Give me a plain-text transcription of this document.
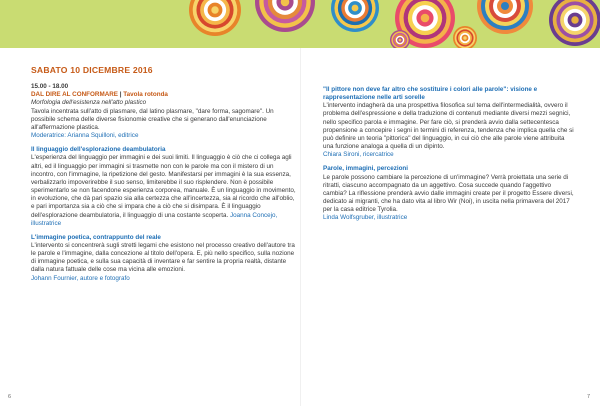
SABATO 10 DICEMBRE 2016

15.00 - 18.00

DAL DIRE AL CONFORMARE | Tavola rotonda

Morfologia dell'esistenza nell'atto plastico

Tavola incentrata sull'atto di plasmare, dal latino plasmare, "dare forma, sagomare". Un possibile schema delle diverse fisionomie creative che si generano dall'enunciazione all'affermazione plastica.

Moderatrice: Arianna Squilloni, editrice

Il linguaggio dell'esplorazione deambulatoria

L'esperienza del linguaggio per immagini e dei suoi limiti. Il linguaggio è ciò che ci collega agli altri, ed il linguaggio per immagini si trasmette non con le parole ma con il mistero di un incontro, con l'immagine, la ripetizione del gesto. Manifestarsi per immagini è la sua essenza, verbalizzarlo impoverirebbe il suo senso, limiterebbe il suo risplendere. Non è possibile sperimentarlo se non facendone esperienza corporea, manuale. È un linguaggio in movimento, in evoluzione, che dà pari spazio sia alla certezza che all'incertezza, sia al ricordo che all'oblio, e pari importanza sia a ciò che si impara che a ciò che si disimpara. È il linguaggio dell'esplorazione deambulatoria, il linguaggio di una costante scoperta. Joanna Concejo, illustratrice

L'immagine poetica, contrappunto del reale

L'intervento si concentrerà sugli stretti legami che esistono nel processo creativo dell'autore tra le parole e l'immagine, dalla concezione al titolo dell'opera. E, più nello specifico, sulla nozione di immagine poetica, e sulla sua capacità di inventare e far sentire la propria realtà, distante dalla natura fattuale delle cose ma vicina alle emozioni.

Johann Fournier, autore e fotografo

"Il pittore non deve far altro che sostituire i colori alle parole": visione e rappresentazione nelle arti sorelle

L'intervento indagherà da una prospettiva filosofica sul tema dell'intermedialità, ovvero il problema dell'espressione e della traduzione di contenuti mediante diversi mezzi segnici, nello specifico parola e immagine. Per fare ciò, si prenderà avvio dalla settecentesca propensione a concepire i segni in termini di referenza, tendenza che implica quella che si può definire un teoria "pittorica" del linguaggio, in cui ciò che alle parole viene attribuita una funzione analoga a quella di un dipinto.

Chiara Sironi, ricercatrice

Parole, immagini, percezioni

Le parole possono cambiare la percezione di un'immagine? Verrà proiettata una serie di ritratti, ciascuno accompagnato da un aggettivo. Cosa succede quando l'aggettivo cambia? La riflessione prenderà avvio dalle immagini create per il progetto Essere diversi, dedicato ai migranti, che ha dato vita al libro Wir (Noi), in uscita nella primavera del 2017 per la casa editrice Tyrolia.

Linda Wolfsgruber, illustratrice

6	7
